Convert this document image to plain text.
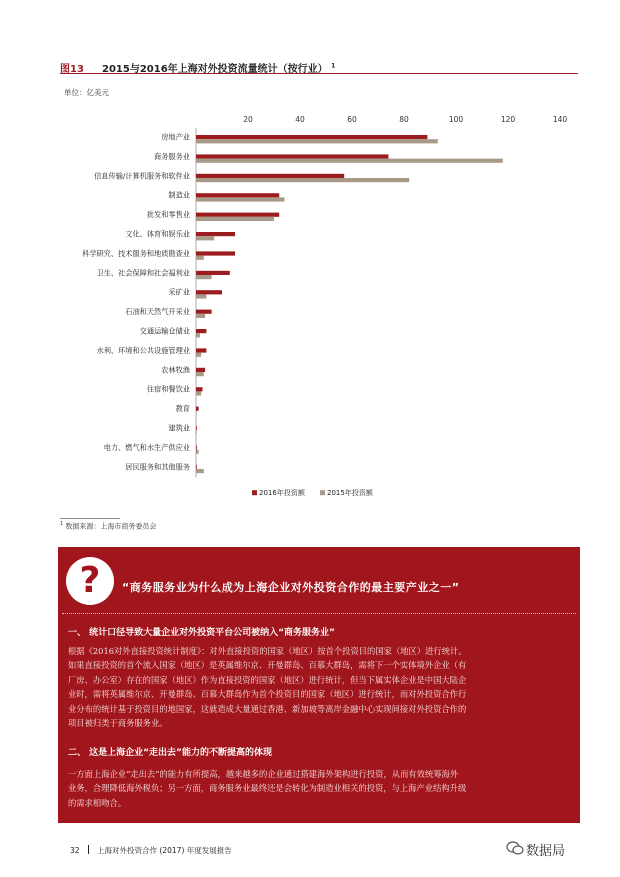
图13 2015与2016年上海对外投资流量统计（按行业） $^1$
单位：亿美元
20	40	60	80	100	120	140
房地产业
商务服务业
信息传输/计算机服务和软件业
制造业
批发和零售业
文化、体育和娱乐业
科学研究、技术服务和地质勘查业
卫生、社会保障和社会福利业
采矿业
石油和天然气开采业
交通运输仓储业
水利、环境和公共设施管理业
农林牧渔
住宿和餐饮业
教育
建筑业
电力、燃气和水生产供应业
居民服务和其他服务
2016年投资额	2015年投资额
$^1$ 数据来源：上海市商务委员会
?	“商务服务业为什么成为上海企业对外投资合作的最主要产业之一”
一、 统计口径导致大量企业对外投资平台公司被纳入“商务服务业”
根据《2016对外直接投资统计制度》：对外直接投资的国家（地区）按首个投资目的国家（地区）进行统计。
如果直接投资的首个流入国家（地区）是英属维尔京、开曼群岛、百慕大群岛，需将下一个实体境外企业（有
厂房、办公室）存在的国家（地区）作为直接投资的国家（地区）进行统计，但当下属实体企业是中国大陆企
业时，需将英属维尔京、开曼群岛、百慕大群岛作为首个投资目的国家（地区）进行统计，而对外投资合作行
业分布的统计基于投资目的地国家，这就造成大量通过香港、新加坡等离岸金融中心实现间接对外投资合作的
项目被归类于商务服务业。
二、 这是上海企业“走出去”能力的不断提高的体现
一方面上海企业“走出去”的能力有所提高，越来越多的企业通过搭建海外架构进行投资，从而有效统筹海外
业务，合理降低海外税负；另一方面，商务服务业最终还是会转化为制造业相关的投资，与上海产业结构升级
的需求相吻合。
32 上海对外投资合作 (2017) 年度发展报告	数据局
